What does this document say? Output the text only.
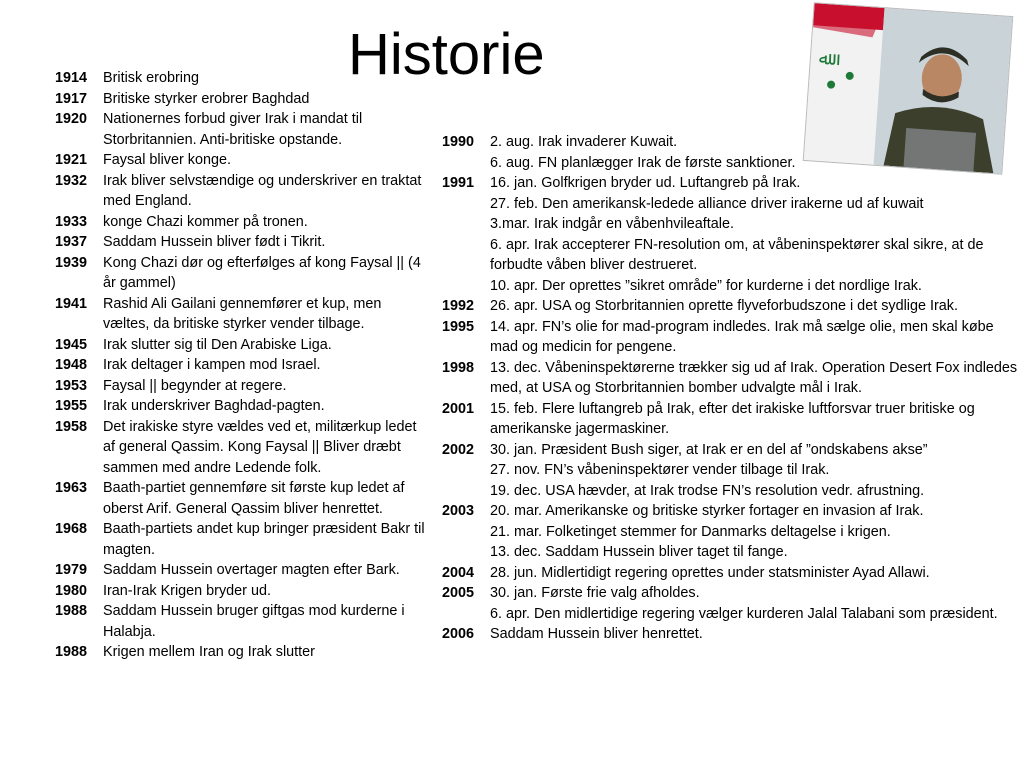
Historie	ﷲ
1914	Britisk erobring
1917	Britiske styrker erobrer Baghdad
1920	Nationernes forbud giver Irak i mandat til Storbritannien. Anti-britiske opstande.
1921	Faysal bliver konge.
1932	Irak bliver selvstændige og underskriver en traktat med England.
1933	konge Chazi kommer på tronen.
1937	Saddam Hussein bliver født i Tikrit.
1939	Kong Chazi dør og efterfølges af kong Faysal || (4 år gammel)
1941	Rashid Ali Gailani gennemfører et kup, men væltes, da britiske styrker vender tilbage.
1945	Irak slutter sig til Den Arabiske Liga.
1948	Irak deltager i kampen mod Israel.
1953	Faysal || begynder at regere.
1955	Irak underskriver Baghdad-pagten.
1958	Det irakiske styre vældes ved et, militærkup ledet af general Qassim. Kong Faysal || Bliver dræbt sammen med andre Ledende folk.
1963	Baath-partiet gennemføre sit første kup ledet af oberst Arif. General Qassim bliver henrettet.
1968	Baath-partiets andet kup bringer præsident Bakr til magten.
1979	Saddam Hussein overtager magten efter Bark.
1980	Iran-Irak Krigen bryder ud.
1988	Saddam Hussein bruger giftgas mod kurderne i Halabja.
1988	Krigen mellem Iran og Irak slutter
1990	2. aug. Irak invaderer Kuwait.
6. aug. FN planlægger Irak de første sanktioner.
1991	16. jan. Golfkrigen bryder ud. Luftangreb på Irak.
27. feb. Den amerikansk-ledede alliance driver irakerne ud af kuwait
3.mar. Irak indgår en våbenhvileaftale.
6. apr. Irak accepterer FN-resolution om, at våbeninspektører skal sikre, at de forbudte våben bliver destrueret.
10. apr. Der oprettes ”sikret område” for kurderne i det nordlige Irak.
1992	26. apr. USA og Storbritannien oprette flyveforbudszone i det sydlige Irak.
1995	14. apr. FN’s olie for mad-program indledes. Irak må sælge olie, men skal købe mad og medicin for pengene.
1998	13. dec. Våbeninspektørerne trækker sig ud af Irak. Operation Desert Fox indledes med, at USA og Storbritannien bomber udvalgte mål i Irak.
2001	15. feb. Flere luftangreb på Irak, efter det irakiske luftforsvar truer britiske og amerikanske jagermaskiner.
2002	30. jan. Præsident Bush siger, at Irak er en del af ”ondskabens akse”
27. nov. FN’s våbeninspektører vender tilbage til Irak.
19. dec. USA hævder, at Irak trodse FN’s resolution vedr. afrustning.
2003	20. mar. Amerikanske og britiske styrker fortager en invasion af Irak.
21. mar. Folketinget stemmer for Danmarks deltagelse i krigen.
13. dec. Saddam Hussein bliver taget til fange.
2004	28. jun. Midlertidigt regering oprettes under statsminister Ayad Allawi.
2005	30. jan. Første frie valg afholdes.
6. apr. Den midlertidige regering vælger kurderen Jalal Talabani som præsident.
2006	Saddam Hussein bliver henrettet.
